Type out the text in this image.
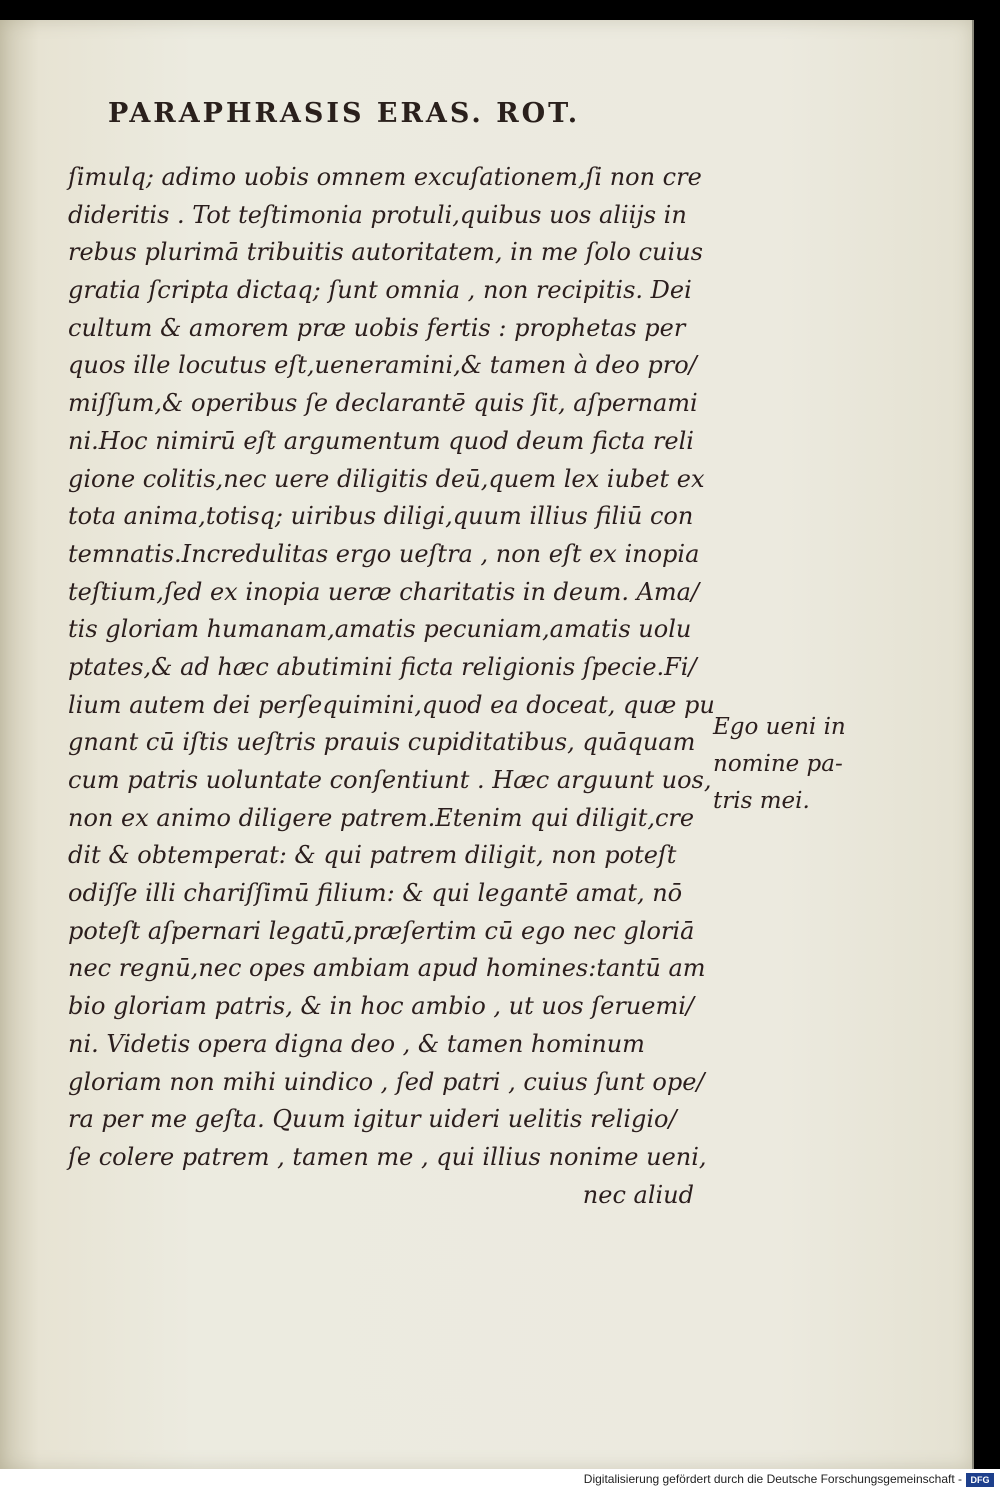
PARAPHRASIS ERAS. ROT.
ſimulq; adimo uobis omnem excuſationem,ſi non cre
dideritis . Tot teſtimonia protuli,quibus uos aliijs in
rebus plurimā tribuitis autoritatem, in me ſolo cuius
gratia ſcripta dictaq; ſunt omnia , non recipitis. Dei
cultum & amorem præ uobis fertis : prophetas per
quos ille locutus eſt,ueneramini,& tamen à deo pro/
miſſum,& operibus ſe declarantē quis ſit, aſpernami
ni.Hoc nimirū eſt argumentum quod deum ficta reli
gione colitis,nec uere diligitis deū,quem lex iubet ex
tota anima,totisq; uiribus diligi,quum illius filiū con
temnatis.Incredulitas ergo ueſtra , non eſt ex inopia
teſtium,ſed ex inopia ueræ charitatis in deum. Ama/
tis gloriam humanam,amatis pecuniam,amatis uolu
ptates,& ad hæc abutimini ficta religionis ſpecie.Fi/
lium autem dei perſequimini,quod ea doceat, quæ pu
gnant cū iſtis ueſtris prauis cupiditatibus, quāquam
cum patris uoluntate conſentiunt . Hæc arguunt uos,
non ex animo diligere patrem.Etenim qui diligit,cre
dit & obtemperat: & qui patrem diligit, non poteſt
odiſſe illi chariſſimū filium: & qui legantē amat, nō
poteſt aſpernari legatū,præſertim cū ego nec gloriā
nec regnū,nec opes ambiam apud homines:tantū am
bio gloriam patris, & in hoc ambio , ut uos ſeruemi/
ni. Videtis opera digna deo , & tamen hominum
gloriam non mihi uindico , ſed patri , cuius ſunt ope/
ra per me geſta. Quum igitur uideri uelitis religio/
ſe colere patrem , tamen me , qui illius nonime ueni,
nec aliud
Ego ueni in
nomine pa-
tris mei.
Digitalisierung gefördert durch die Deutsche Forschungsgemeinschaft - DFG
